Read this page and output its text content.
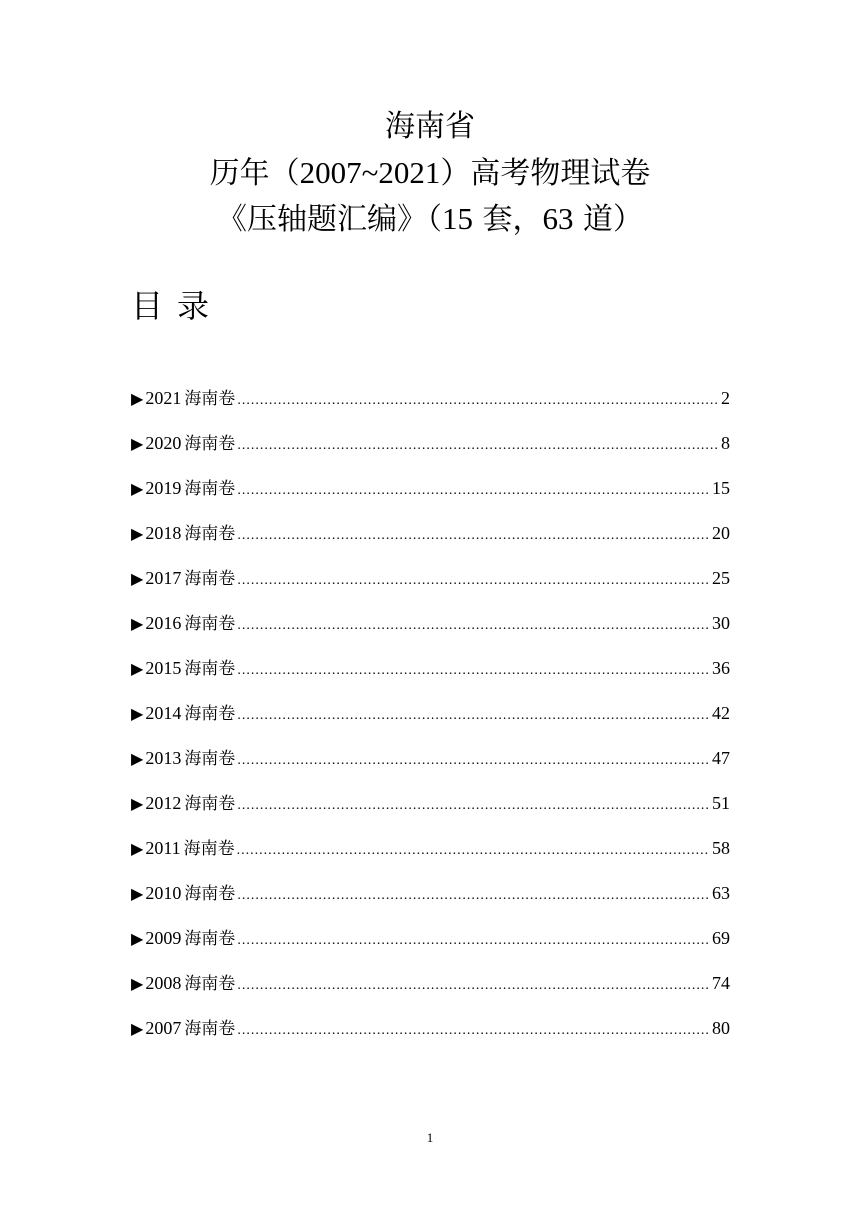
海南省
历年（2007~2021）高考物理试卷
《压轴题汇编》（15 套，63 道）
目录
▶ 2021 海南卷 .....	2
▶ 2020 海南卷 .....	8
▶ 2019 海南卷 .....	15
▶ 2018 海南卷 .....	20
▶ 2017 海南卷 .....	25
▶ 2016 海南卷 .....	30
▶ 2015 海南卷 .....	36
▶ 2014 海南卷 .....	42
▶ 2013 海南卷 .....	47
▶ 2012 海南卷 .....	51
▶ 2011 海南卷 .....	58
▶ 2010 海南卷 .....	63
▶ 2009 海南卷 .....	69
▶ 2008 海南卷 .....	74
▶ 2007 海南卷 .....	80
1
